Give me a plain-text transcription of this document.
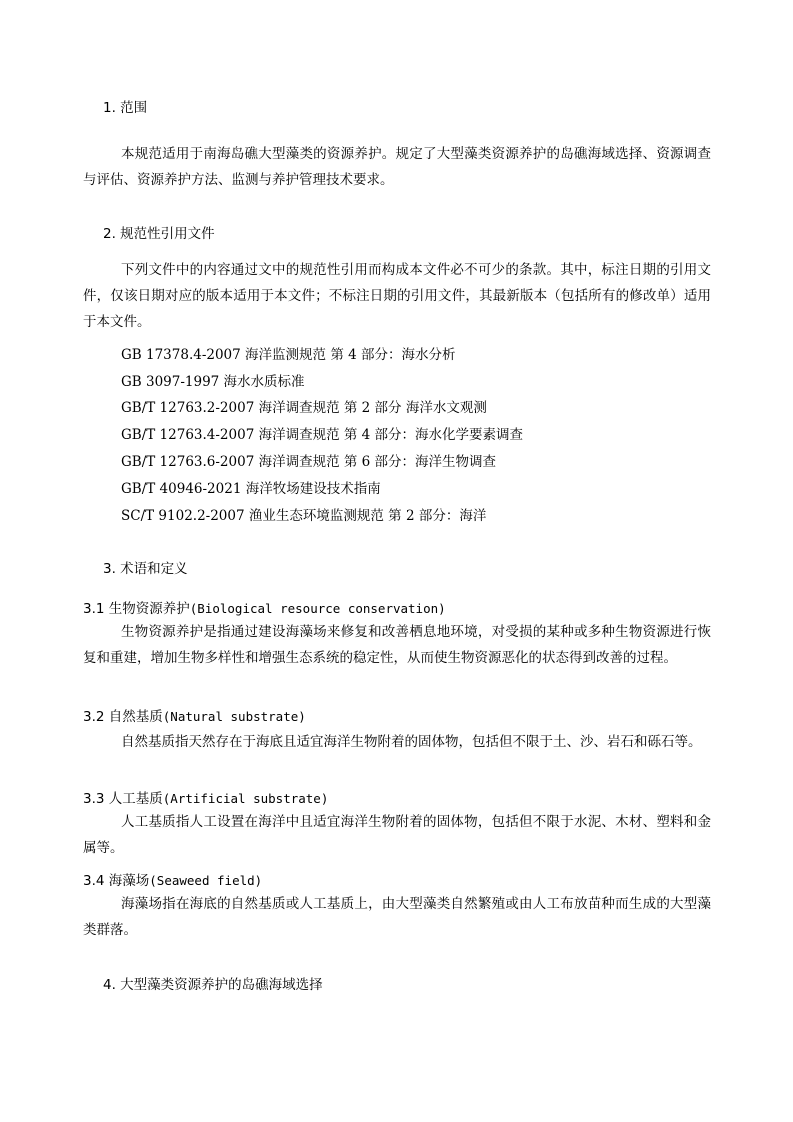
1. 范围

本规范适用于南海岛礁大型藻类的资源养护。规定了大型藻类资源养护的岛礁海域选择、资源调查与评估、资源养护方法、监测与养护管理技术要求。

2. 规范性引用文件

下列文件中的内容通过文中的规范性引用而构成本文件必不可少的条款。其中，标注日期的引用文件，仅该日期对应的版本适用于本文件；不标注日期的引用文件，其最新版本（包括所有的修改单）适用于本文件。

GB 17378.4-2007 海洋监测规范 第 4 部分：海水分析

GB 3097-1997 海水水质标准

GB/T 12763.2-2007 海洋调查规范 第 2 部分 海洋水文观测

GB/T 12763.4-2007 海洋调查规范 第 4 部分：海水化学要素调查

GB/T 12763.6-2007 海洋调查规范 第 6 部分：海洋生物调查

GB/T 40946-2021 海洋牧场建设技术指南

SC/T 9102.2-2007 渔业生态环境监测规范 第 2 部分：海洋

3. 术语和定义
3.1 生物资源养护(Biological resource conservation)

生物资源养护是指通过建设海藻场来修复和改善栖息地环境，对受损的某种或多种生物资源进行恢复和重建，增加生物多样性和增强生态系统的稳定性，从而使生物资源恶化的状态得到改善的过程。

3.2 自然基质(Natural substrate)

自然基质指天然存在于海底且适宜海洋生物附着的固体物，包括但不限于土、沙、岩石和砾石等。

3.3 人工基质(Artificial substrate)

人工基质指人工设置在海洋中且适宜海洋生物附着的固体物，包括但不限于水泥、木材、塑料和金属等。

3.4 海藻场(Seaweed field)

海藻场指在海底的自然基质或人工基质上，由大型藻类自然繁殖或由人工布放苗种而生成的大型藻类群落。

4. 大型藻类资源养护的岛礁海域选择
